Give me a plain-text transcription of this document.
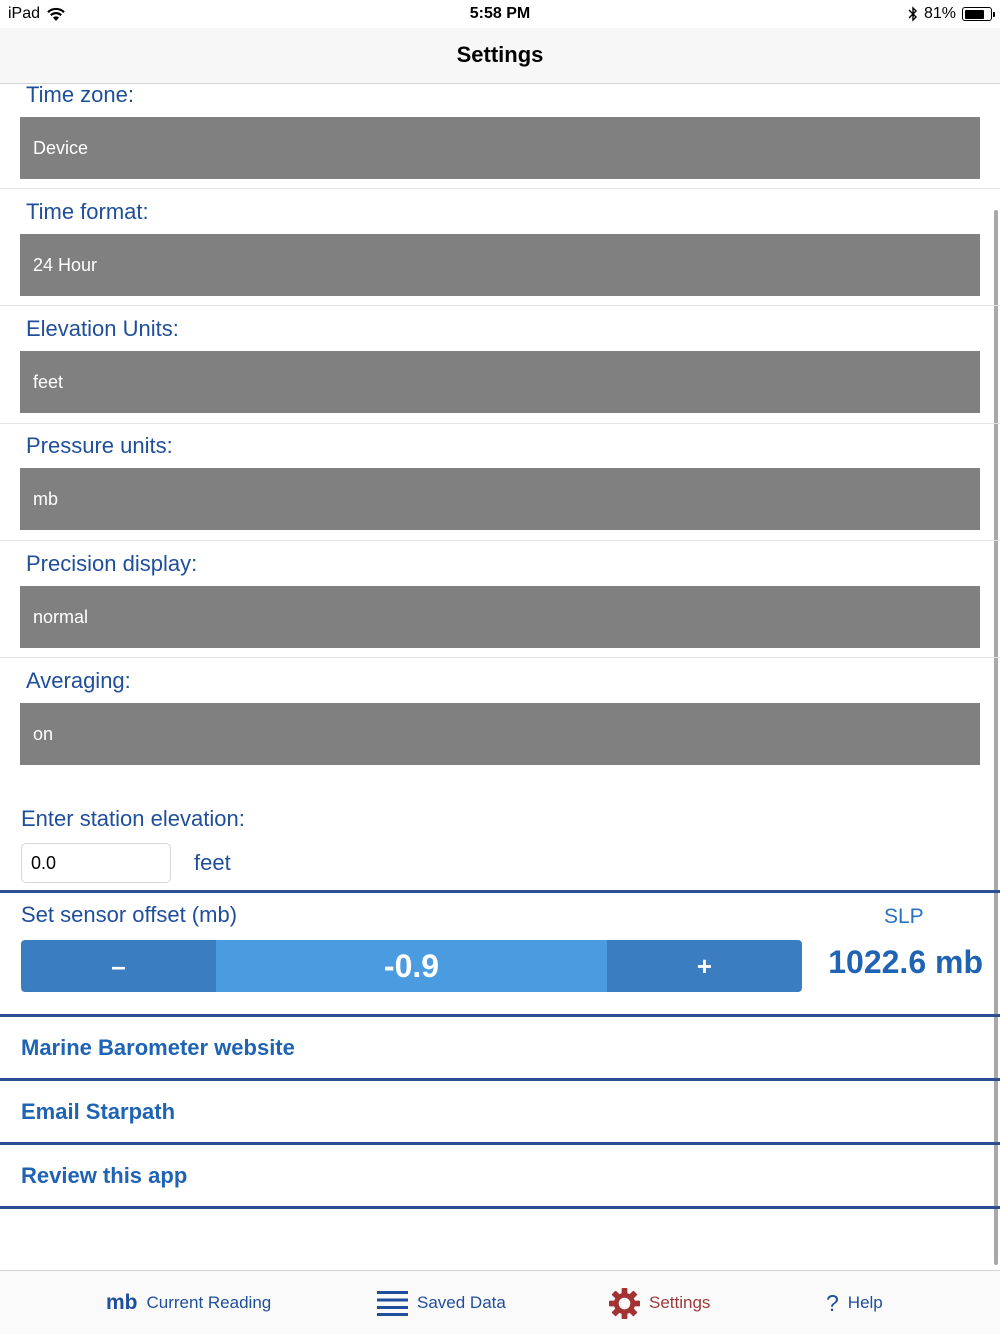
iPad	5:58 PM	81%
Settings
Time zone:
Device
Time format:
24 Hour
Elevation Units:
feet
Pressure units:
mb
Precision display:
normal
Averaging:
on
Enter station elevation:
0.0
feet
Set sensor offset (mb)	SLP
–	-0.9	+	1022.6 mb
Marine Barometer website
Email Starpath
Review this app
mb Current Reading	Saved Data	Settings	? Help
